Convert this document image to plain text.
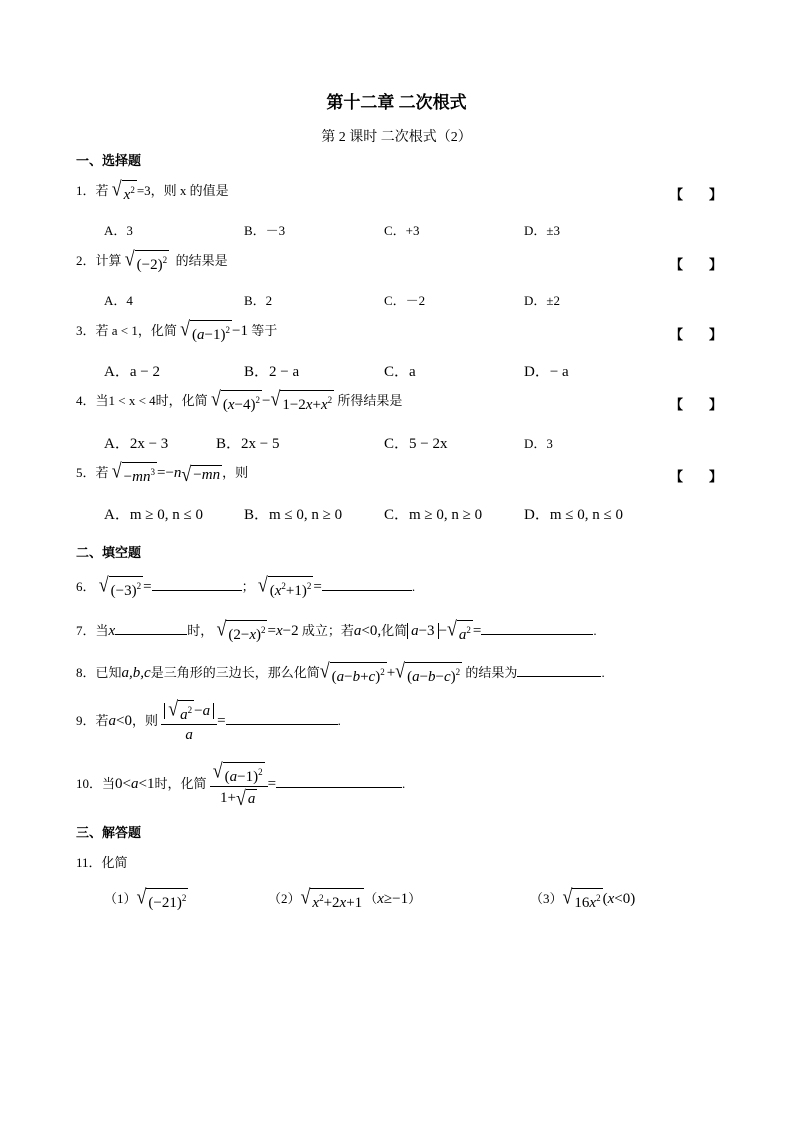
第十二章 二次根式
第 2 课时 二次根式（2）
一、选择题
1．若 √ $x^2 =3$，则 x 的值是	【　　】
A．3	B．－3	C．+3	D．±3
2．计算 √ $(-2)^2$ 的结果是	【　　】
A．4	B．2	C．－2	D．±2
3．若 a < 1，化简 √ $(a-1)^2 -1$ 等于	【　　】
A．a − 2	B．2 − a	C．a	D．− a
4．当1 < x < 4时，化简 √ $(x-4)^2$ − √ $1-2x+x^2$ 所得结果是	【　　】
A．2x − 3	B．2x − 5	C．5 − 2x	D．3
5．若 √ $-mn^3 =-n$ √ −mn ，则	【　　】
A．m ≥ 0, n ≤ 0	B．m ≤ 0, n ≥ 0	C．m ≥ 0, n ≥ 0	D．m ≤ 0, n ≤ 0
二、填空题
6． √ $(-3)^2$ =	； √ $(x^2+1)^2$ =	.
7．当x	时， √ $(2-x)^2 =x-2$ 成立；若a<0,化简 a−3 − √ $a^2$ =	.
8．已知a,b,c是三角形的三边长，那么化简 √ $(a-b+c)^2$ + √ $(a-b-c)^2$ 的结果为	.
9．若a<0，则 $\frac{√ a^2 -a}{a}$ =	.
10．当0<a<1时，化简 $\frac{√ (a-1)^2}{1+ √ a}$ =	.
三、解答题
11．化简
（1） √ $(-21)^2$	（2） √ $x^2+2x+1$ （x≥−1）	（3） √ $16x^2$ (x<0)
